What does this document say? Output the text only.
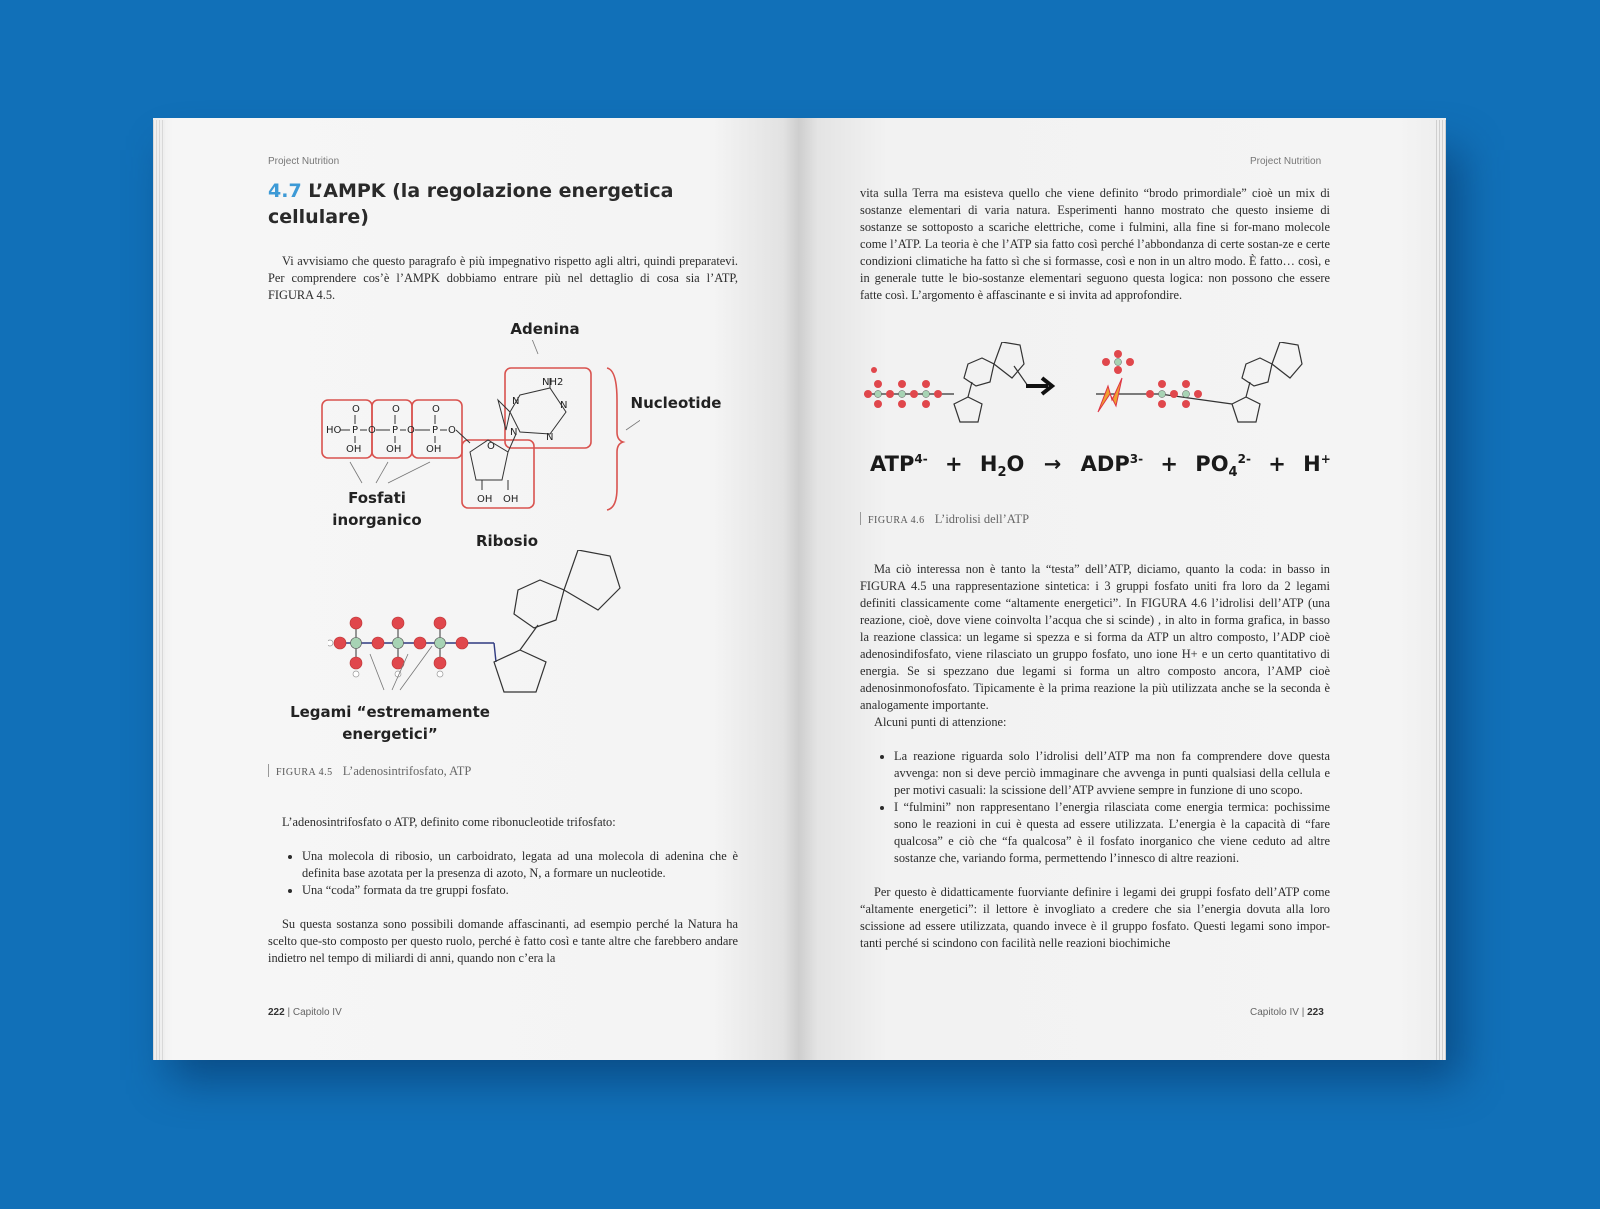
Project Nutrition
4.7 L’AMPK (la regolazione energetica cellulare)

Vi avvisiamo che questo paragrafo è più impegnativo rispetto agli altri, quindi preparatevi. Per comprendere cos’è l’AMPK dobbiamo entrare più nel dettaglio di cosa sia l’ATP, FIGURA 4.5.

Adenina
Nucleotide
Fosfati inorganico
Ribosio
Legami “estremamente energetici”
HO
O
P O
O
P O
O
P O
OH OH OH
OH OH
O
NH2
N	N
N	N
FIGURA 4.5 L’adenosintrifosfato, ATP

L’adenosintrifosfato o ATP, definito come ribonucleotide trifosfato:

• Una molecola di ribosio, un carboidrato, legata ad una molecola di adenina che è definita base azotata per la presenza di azoto, N, a formare un nucleotide.
• Una “coda” formata da tre gruppi fosfato.

Su questa sostanza sono possibili domande affascinanti, ad esempio perché la Natura ha scelto que-sto composto per questo ruolo, perché è fatto così e tante altre che farebbero andare indietro nel tempo di miliardi di anni, quando non c’era la

222 | Capitolo IV
Project Nutrition

vita sulla Terra ma esisteva quello che viene definito “brodo primordiale” cioè un mix di sostanze elementari di varia natura. Esperimenti hanno mostrato che questo insieme di sostanze se sottoposto a scariche elettriche, come i fulmini, alla fine si for-mano molecole come l’ATP. La teoria è che l’ATP sia fatto così perché l’abbondanza di certe sostan-ze e certe condizioni climatiche ha fatto sì che si formasse, così e non in un altro modo. È fatto… così, e in generale tutte le bio-sostanze elementari seguono questa logica: non possono che essere fatte così. L’argomento è affascinante e si invita ad approfondire.

$ATP^{4-} + H_2O \to ADP^{3-} + PO_4^{2-} + H^+$
FIGURA 4.6 L’idrolisi dell’ATP

Ma ciò interessa non è tanto la “testa” dell’ATP, diciamo, quanto la coda: in basso in FIGURA 4.5 una rappresentazione sintetica: i 3 gruppi fosfato uniti fra loro da 2 legami definiti classicamente come “altamente energetici”. In FIGURA 4.6 l’idrolisi dell’ATP (una reazione, cioè, dove viene coinvolta l’acqua che si scinde) , in alto in forma grafica, in basso la reazione classica: un legame si spezza e si forma da ATP un altro composto, l’ADP cioè adenosindifosfato, viene rilasciato un gruppo fosfato, uno ione H+ e un certo quantitativo di energia. Se si spezzano due legami si forma un altro composto ancora, l’AMP cioè adenosinmonofosfato. Tipicamente è la prima reazione la più utilizzata anche se la seconda è analogamente importante.

Alcuni punti di attenzione:

• La reazione riguarda solo l’idrolisi dell’ATP ma non fa comprendere dove questa avvenga: non si deve perciò immaginare che avvenga in punti qualsiasi della cellula e per motivi casuali: la scissione dell’ATP avviene sempre in funzione di uno scopo.
• I “fulmini” non rappresentano l’energia rilasciata come energia termica: pochissime sono le reazioni in cui è questa ad essere utilizzata. L’energia è la capacità di “fare qualcosa” e ciò che “fa qualcosa” è il fosfato inorganico che viene ceduto ad altre sostanze che, variando forma, permettendo l’innesco di altre reazioni.

Per questo è didatticamente fuorviante definire i legami dei gruppi fosfato dell’ATP come “altamente energetici”: il lettore è invogliato a credere che sia l’energia dovuta alla loro scissione ad essere utilizzata, quando invece è il gruppo fosfato. Questi legami sono impor-tanti perché si scindono con facilità nelle reazioni biochimiche

Capitolo IV | 223
